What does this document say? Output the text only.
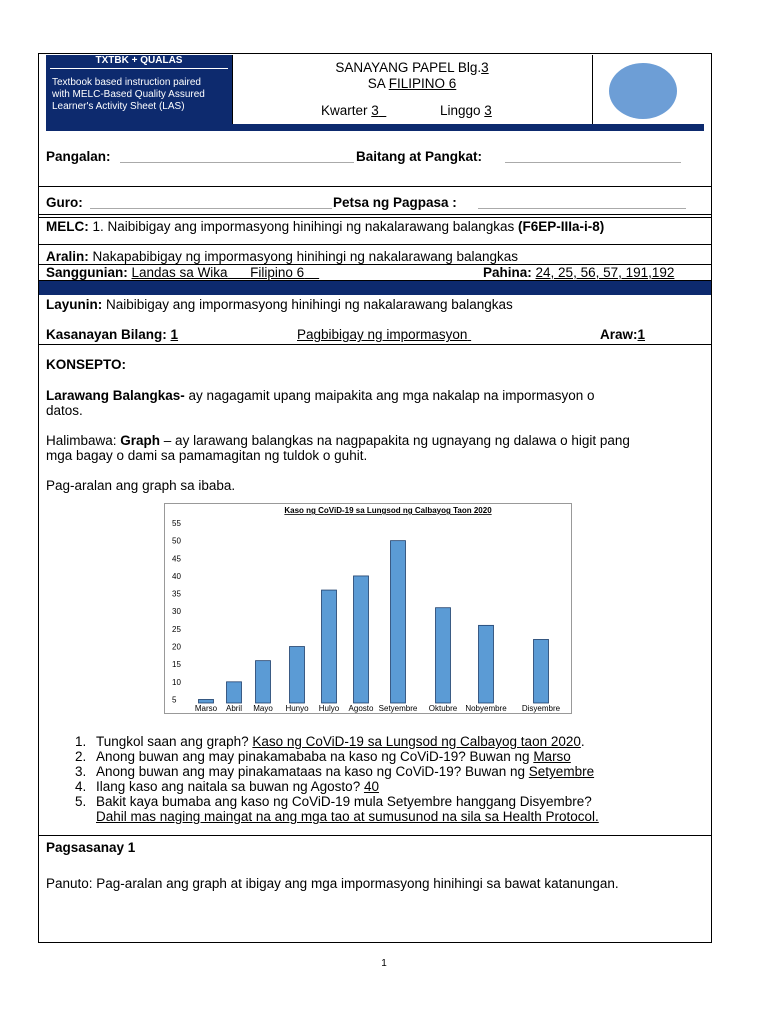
TXTBK + QUALAS
Textbook based instruction paired
with MELC-Based Quality Assured
Learner's Activity Sheet (LAS)
SANAYANG PAPEL Blg.3
SA FILIPINO 6
Kwarter 3	Linggo 3
Pangalan:	Baitang at Pangkat:
Guro:	Petsa ng Pagpasa :
MELC: 1. Naibibigay ang impormasyong hinihingi ng nakalarawang balangkas (F6EP-IIIa-i-8)
Aralin: Nakapabibigay ng impormasyong hinihingi ng nakalarawang balangkas
Sanggunian: Landas sa Wika Filipino 6	Pahina: 24, 25, 56, 57, 191,192
Layunin: Naibibigay ang impormasyong hinihingi ng nakalarawang balangkas
Kasanayan Bilang: 1	Pagbibigay ng impormasyon	Araw:1
KONSEPTO:
Larawang Balangkas- ay nagagamit upang maipakita ang mga nakalap na impormasyon o
datos.
Halimbawa: Graph – ay larawang balangkas na nagpapakita ng ugnayang ng dalawa o higit pang
mga bagay o dami sa pamamagitan ng tuldok o guhit.
Pag-aralan ang graph sa ibaba.
Kaso ng CoViD-19 sa Lungsod ng Calbayog Taon 2020
5
10
15
20
25
30
35
40
45
50
55
Marso Abril Mayo Hunyo Hulyo Agosto Setyembre Oktubre Nobyembre Disyembre
1. Tungkol saan ang graph? Kaso ng CoViD-19 sa Lungsod ng Calbayog taon 2020.
2. Anong buwan ang may pinakamababa na kaso ng CoViD-19? Buwan ng Marso
3. Anong buwan ang may pinakamataas na kaso ng CoViD-19? Buwan ng Setyembre
4. Ilang kaso ang naitala sa buwan ng Agosto? 40
5. Bakit kaya bumaba ang kaso ng CoViD-19 mula Setyembre hanggang Disyembre?
Dahil mas naging maingat na ang mga tao at sumusunod na sila sa Health Protocol.
Pagsasanay 1
Panuto: Pag-aralan ang graph at ibigay ang mga impormasyong hinihingi sa bawat katanungan.
1
